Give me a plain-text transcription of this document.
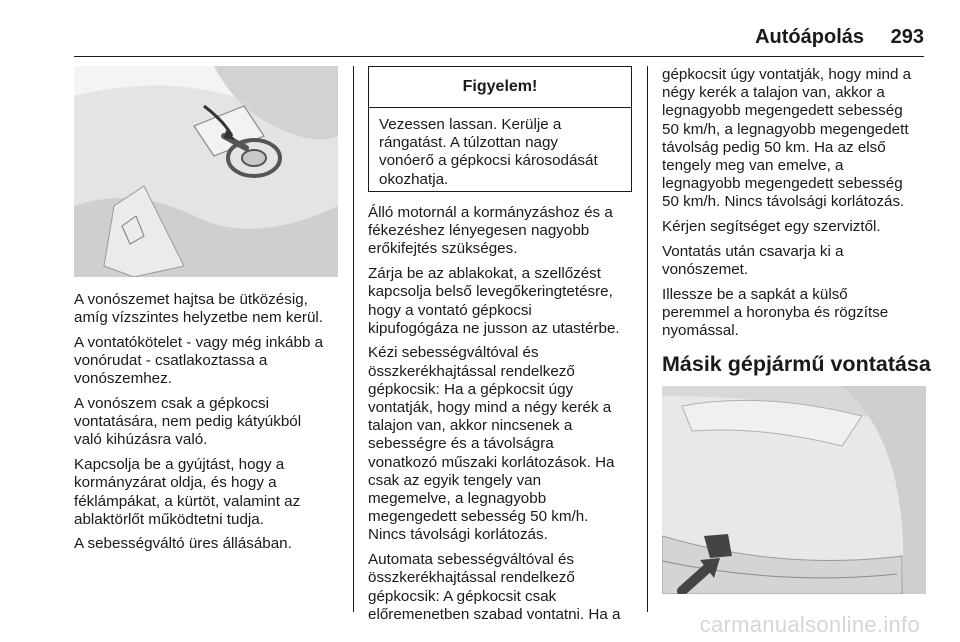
Autóápolás 293

A vonószemet hajtsa be ütközésig,
amíg vízszintes helyzetbe nem kerül.

A vontatókötelet - vagy még inkább a
vonórudat - csatlakoztassa a
vonószemhez.

A vonószem csak a gépkocsi
vontatására, nem pedig kátyúkból
való kihúzásra való.

Kapcsolja be a gyújtást, hogy a
kormányzárat oldja, és hogy a
féklámpákat, a kürtöt, valamint az
ablaktörlőt működtetni tudja.

A sebességváltó üres állásában.

Figyelem!
Vezessen lassan. Kerülje a
rángatást. A túlzottan nagy
vonóerő a gépkocsi károsodását
okozhatja.

Álló motornál a kormányzáshoz és a
fékezéshez lényegesen nagyobb
erőkifejtés szükséges.

Zárja be az ablakokat, a szellőzést
kapcsolja belső levegőkeringtetésre,
hogy a vontató gépkocsi
kipufogógáza ne jusson az utastérbe.

Kézi sebességváltóval és
összkerékhajtással rendelkező
gépkocsik: Ha a gépkocsit úgy
vontatják, hogy mind a négy kerék a
talajon van, akkor nincsenek a
sebességre és a távolságra
vonatkozó műszaki korlátozások. Ha
csak az egyik tengely van
megemelve, a legnagyobb
megengedett sebesség 50 km/h.
Nincs távolsági korlátozás.

Automata sebességváltóval és
összkerékhajtással rendelkező
gépkocsik: A gépkocsit csak
előremenetben szabad vontatni. Ha a

gépkocsit úgy vontatják, hogy mind a
négy kerék a talajon van, akkor a
legnagyobb megengedett sebesség
50 km/h, a legnagyobb megengedett
távolság pedig 50 km. Ha az első
tengely meg van emelve, a
legnagyobb megengedett sebesség
50 km/h. Nincs távolsági korlátozás.

Kérjen segítséget egy szerviztől.

Vontatás után csavarja ki a
vonószemet.

Illessze be a sapkát a külső
peremmel a horonyba és rögzítse
nyomással.

Másik gépjármű vontatása
carmanualsonline.info
